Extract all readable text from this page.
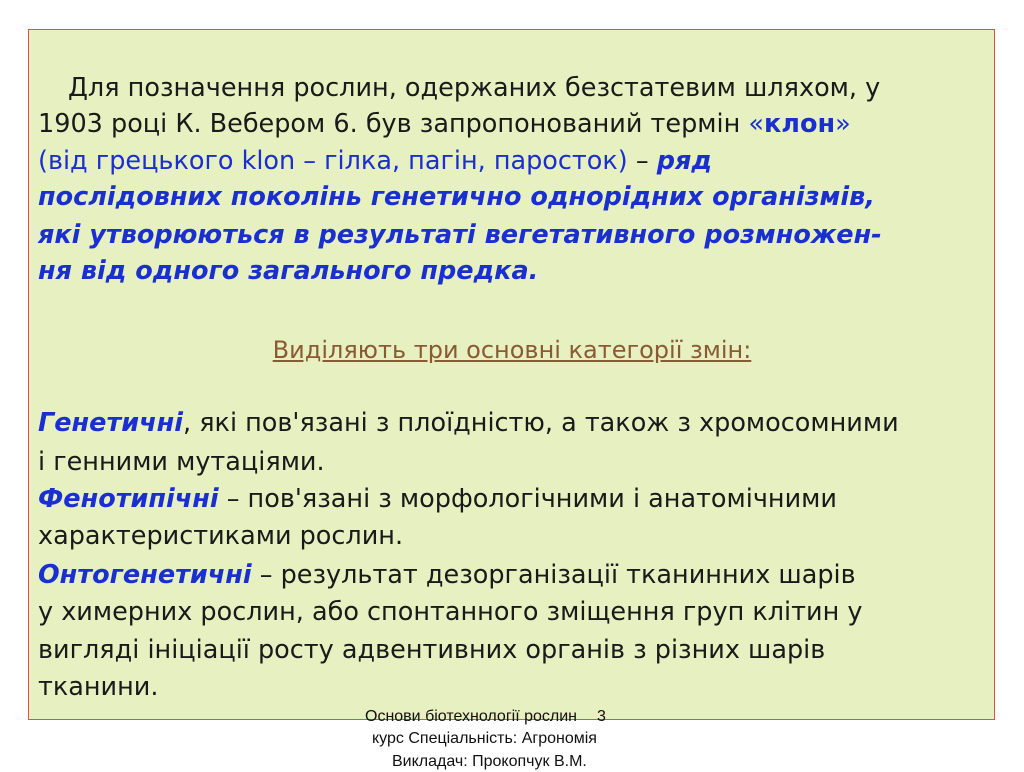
Для позначення рослин, одержаних безстатевим шляхом, у

1903 році К. Вебером 6. був запропонований термін «клон»

(від грецького klon – гілка, пагін, паросток) – ряд

послідовних поколінь генетично однорідних організмів,

які утворюються в результаті вегетативного розмножен-

ня від одного загального предка.

Виділяють три основні категорії змін:

Генетичні, які пов'язані з плоїдністю, а також з хромосомними

і генними мутаціями.

Фенотипічні – пов'язані з морфологічними і анатомічними

характеристиками рослин.

Онтогенетичні – результат дезорганізації тканинних шарів

у химерних рослин, або спонтанного зміщення груп клітин у

вигляді ініціації росту адвентивних органів з різних шарів

тканини.

Основи біотехнології рослин 3

курс Спеціальність: Агрономія

Викладач: Прокопчук В.М.
